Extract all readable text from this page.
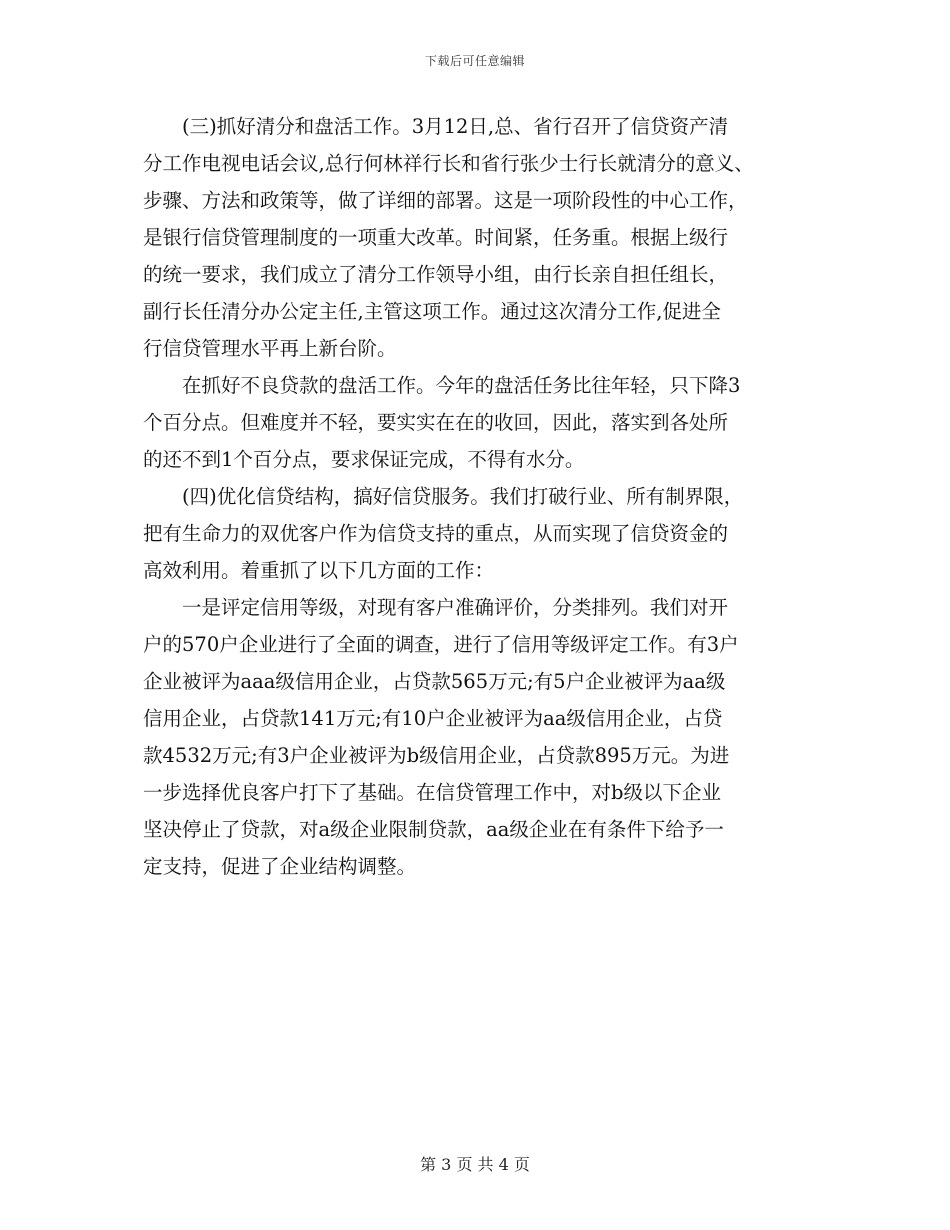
下载后可任意编辑
　　(三)抓好清分和盘活工作。3月12日,总、省行召开了信贷资产清
分工作电视电话会议,总行何林祥行长和省行张少士行长就清分的意义、
步骤、方法和政策等，做了详细的部署。这是一项阶段性的中心工作，
是银行信贷管理制度的一项重大改革。时间紧，任务重。根据上级行
的统一要求，我们成立了清分工作领导小组，由行长亲自担任组长，
副行长任清分办公定主任,主管这项工作。通过这次清分工作,促进全
行信贷管理水平再上新台阶。
　　在抓好不良贷款的盘活工作。今年的盘活任务比往年轻，只下降3
个百分点。但难度并不轻，要实实在在的收回，因此，落实到各处所
的还不到1个百分点，要求保证完成，不得有水分。
　　(四)优化信贷结构，搞好信贷服务。我们打破行业、所有制界限，
把有生命力的双优客户作为信贷支持的重点，从而实现了信贷资金的
高效利用。着重抓了以下几方面的工作：
　　一是评定信用等级，对现有客户准确评价，分类排列。我们对开
户的570户企业进行了全面的调查，进行了信用等级评定工作。有3户
企业被评为aaa级信用企业，占贷款565万元;有5户企业被评为aa级
信用企业，占贷款141万元;有10户企业被评为aa级信用企业，占贷
款4532万元;有3户企业被评为b级信用企业，占贷款895万元。为进
一步选择优良客户打下了基础。在信贷管理工作中，对b级以下企业
坚决停止了贷款，对a级企业限制贷款，aa级企业在有条件下给予一
定支持，促进了企业结构调整。
第 3 页 共 4 页
